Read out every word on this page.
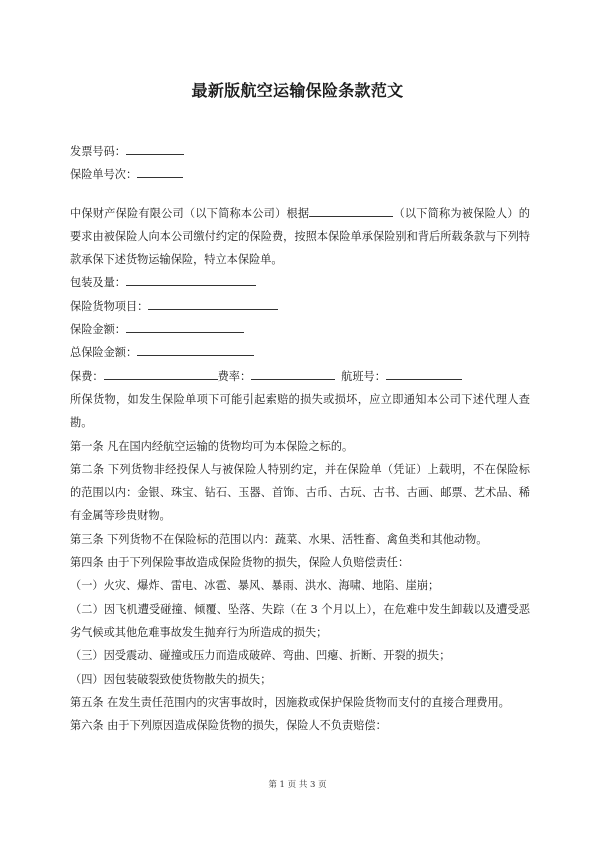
最新版航空运输保险条款范文

发票号码：

保险单号次：

中保财产保险有限公司（以下简称本公司）根据	（以下简称为被保险人）的要求由被保险人向本公司缴付约定的保险费，按照本保险单承保险别和背后所载条款与下列特款承保下述货物运输保险，特立本保险单。

包装及量：

保险货物项目：

保险金额：

总保险金额：

保费：	费率：	航班号：

所保货物，如发生保险单项下可能引起索赔的损失或损坏，应立即通知本公司下述代理人查勘。

第一条 凡在国内经航空运输的货物均可为本保险之标的。

第二条 下列货物非经投保人与被保险人特别约定，并在保险单（凭证）上载明，不在保险标的范围以内：金银、珠宝、钻石、玉器、首饰、古币、古玩、古书、古画、邮票、艺术品、稀有金属等珍贵财物。

第三条 下列货物不在保险标的范围以内：蔬菜、水果、活牲畜、禽鱼类和其他动物。

第四条 由于下列保险事故造成保险货物的损失，保险人负赔偿责任：

（一）火灾、爆炸、雷电、冰雹、暴风、暴雨、洪水、海啸、地陷、崖崩；

（二）因飞机遭受碰撞、倾覆、坠落、失踪（在 3 个月以上），在危难中发生卸载以及遭受恶劣气候或其他危难事故发生抛弃行为所造成的损失；

（三）因受震动、碰撞或压力而造成破碎、弯曲、凹瘪、折断、开裂的损失；

（四）因包装破裂致使货物散失的损失；

第五条 在发生责任范围内的灾害事故时，因施救或保护保险货物而支付的直接合理费用。

第六条 由于下列原因造成保险货物的损失，保险人不负责赔偿：

第 1 页 共 3 页
